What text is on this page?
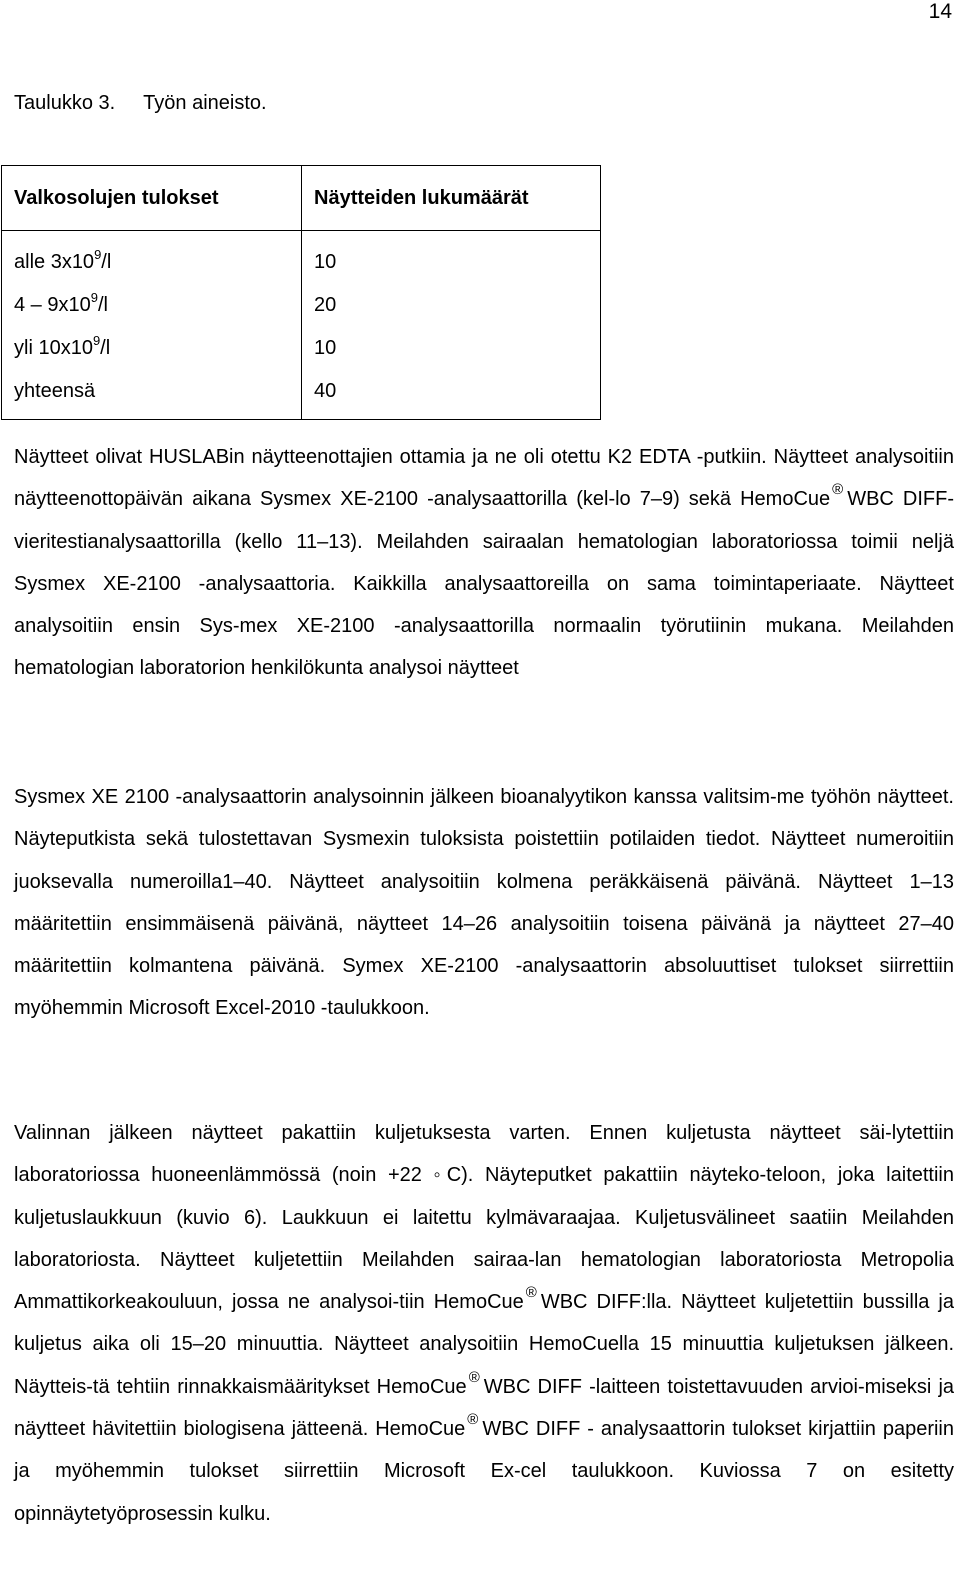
14
Taulukko 3. Työn aineisto.
Valkosolujen tulokset	Näytteiden lukumäärät
alle $3x10^9/l$	10
$4 - 9x10^9/l$	20
yli $10x10^9/l$	10
yhteensä	40
Näytteet olivat HUSLABin näytteenottajien ottamia ja ne oli otettu K2 EDTA -putkiin. Näytteet analysoitiin näytteenottopäivän aikana Sysmex XE-2100 -analysaattorilla (kel-lo 7–9) sekä HemoCue ® WBC DIFF-vieritestianalysaattorilla (kello 11–13). Meilahden sairaalan hematologian laboratoriossa toimii neljä Sysmex XE-2100 -analysaattoria. Kaikkilla analysaattoreilla on sama toimintaperiaate. Näytteet analysoitiin ensin Sys-mex XE-2100 -analysaattorilla normaalin työrutiinin mukana. Meilahden hematologian laboratorion henkilökunta analysoi näytteet
Sysmex XE 2100 -analysaattorin analysoinnin jälkeen bioanalyytikon kanssa valitsim-me työhön näytteet. Näyteputkista sekä tulostettavan Sysmexin tuloksista poistettiin potilaiden tiedot. Näytteet numeroitiin juoksevalla numeroilla1–40. Näytteet analysoitiin kolmena peräkkäisenä päivänä. Näytteet 1–13 määritettiin ensimmäisenä päivänä, näytteet 14–26 analysoitiin toisena päivänä ja näytteet 27–40 määritettiin kolmantena päivänä. Symex XE-2100 -analysaattorin absoluuttiset tulokset siirrettiin myöhemmin Microsoft Excel-2010 -taulukkoon.
Valinnan jälkeen näytteet pakattiin kuljetuksesta varten. Ennen kuljetusta näytteet säi-lytettiin laboratoriossa huoneenlämmössä (noin +22 ◦C). Näyteputket pakattiin näyteko-teloon, joka laitettiin kuljetuslaukkuun (kuvio 6). Laukkuun ei laitettu kylmävaraajaa. Kuljetusvälineet saatiin Meilahden laboratoriosta. Näytteet kuljetettiin Meilahden sairaa-lan hematologian laboratoriosta Metropolia Ammattikorkeakouluun, jossa ne analysoi-tiin HemoCue ® WBC DIFF:lla. Näytteet kuljetettiin bussilla ja kuljetus aika oli 15–20 minuuttia. Näytteet analysoitiin HemoCuella 15 minuuttia kuljetuksen jälkeen. Näytteis-tä tehtiin rinnakkaismääritykset HemoCue ® WBC DIFF -laitteen toistettavuuden arvioi-miseksi ja näytteet hävitettiin biologisena jätteenä. HemoCue ® WBC DIFF - analysaattorin tulokset kirjattiin paperiin ja myöhemmin tulokset siirrettiin Microsoft Ex-cel taulukkoon. Kuviossa 7 on esitetty opinnäytetyöprosessin kulku.
